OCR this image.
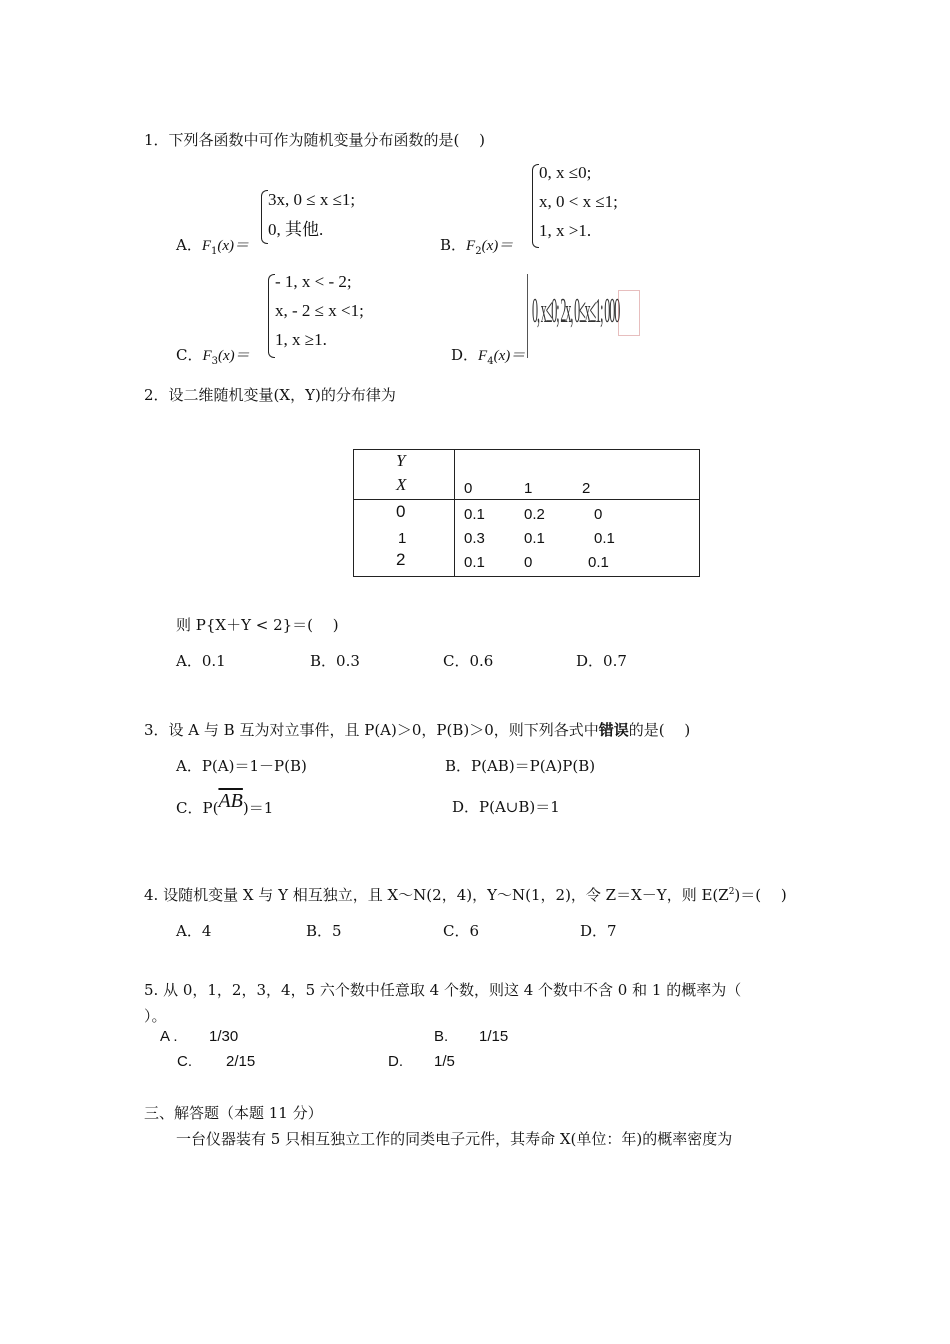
1．下列各函数中可作为随机变量分布函数的是(　 )
A．$F_1(x)=$
3x, 0 ≤ x ≤1;
0, 其他.
B．$F_2(x)=$
0, x ≤0;
x, 0 < x ≤1;
1, x >1.
C．$F_3(x)=$
- 1, x < - 2;
x, - 2 ≤ x <1;
1, x ≥1.
D．$F_4(x)=$
0, x≤0; 2x, 0≤x≤1; 000
2．设二维随机变量(X，Y)的分布律为
Y
X	0	1	2
0	0.1	0.2	0
1	0.3	0.1	0.1
2	0.1	0	0.1
则 P{X＋Y < 2}＝(　 )
A．0.1	B．0.3	C．0.6	D．0.7
3．设 A 与 B 互为对立事件，且 P(A)＞0，P(B)＞0，则下列各式中错误的是(　 )
A．P(A)＝1－P(B)	B．P(AB)＝P(A)P(B)
C．$P(\overline{AB})=1$	D．P(A∪B)＝1
4. 设随机变量 X 与 Y 相互独立，且 X～N(2，4)，Y～N(1，2)，令 Z＝X－Y，则 $E(Z^2)=$(　 )
A．4	B．5	C．6	D．7
5. 从 0，1，2，3，4，5 六个数中任意取 4 个数，则这 4 个数中不含 0 和 1 的概率为（
）。
A . 1/30	B. 1/15
C. 2/15	D. 1/5
三、解答题（本题 11 分）
一台仪器装有 5 只相互独立工作的同类电子元件，其寿命 X(单位：年)的概率密度为
